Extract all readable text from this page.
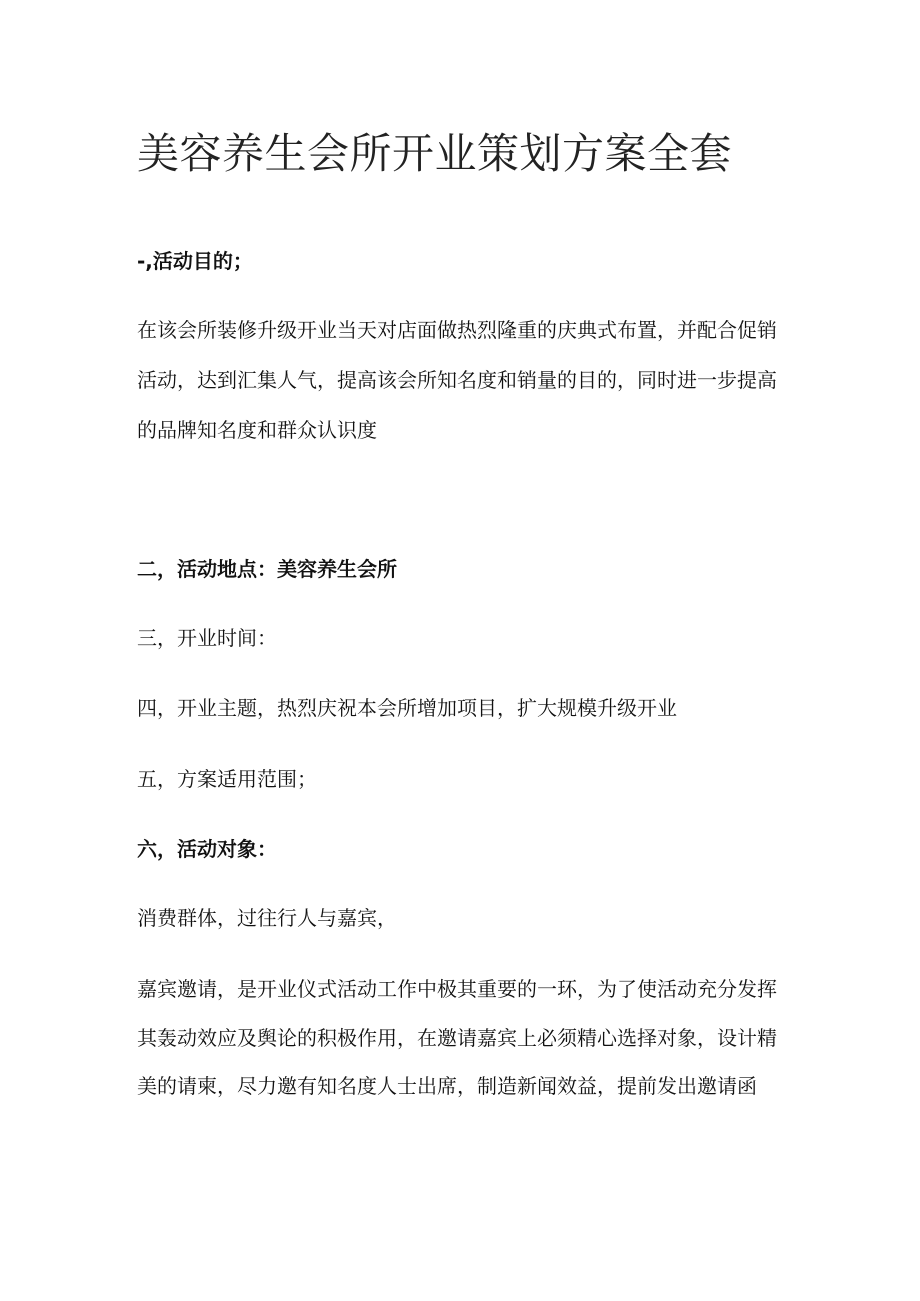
美容养生会所开业策划方案全套

-,活动目的；

在该会所装修升级开业当天对店面做热烈隆重的庆典式布置，并配合促销

活动，达到汇集人气，提高该会所知名度和销量的目的，同时进一步提高

的品牌知名度和群众认识度

二，活动地点：美容养生会所

三，开业时间：

四，开业主题，热烈庆祝本会所增加项目，扩大规模升级开业

五，方案适用范围；

六，活动对象：

消费群体，过往行人与嘉宾，

嘉宾邀请，是开业仪式活动工作中极其重要的一环，为了使活动充分发挥

其轰动效应及舆论的积极作用，在邀请嘉宾上必须精心选择对象，设计精

美的请柬，尽力邀有知名度人士出席，制造新闻效益，提前发出邀请函
